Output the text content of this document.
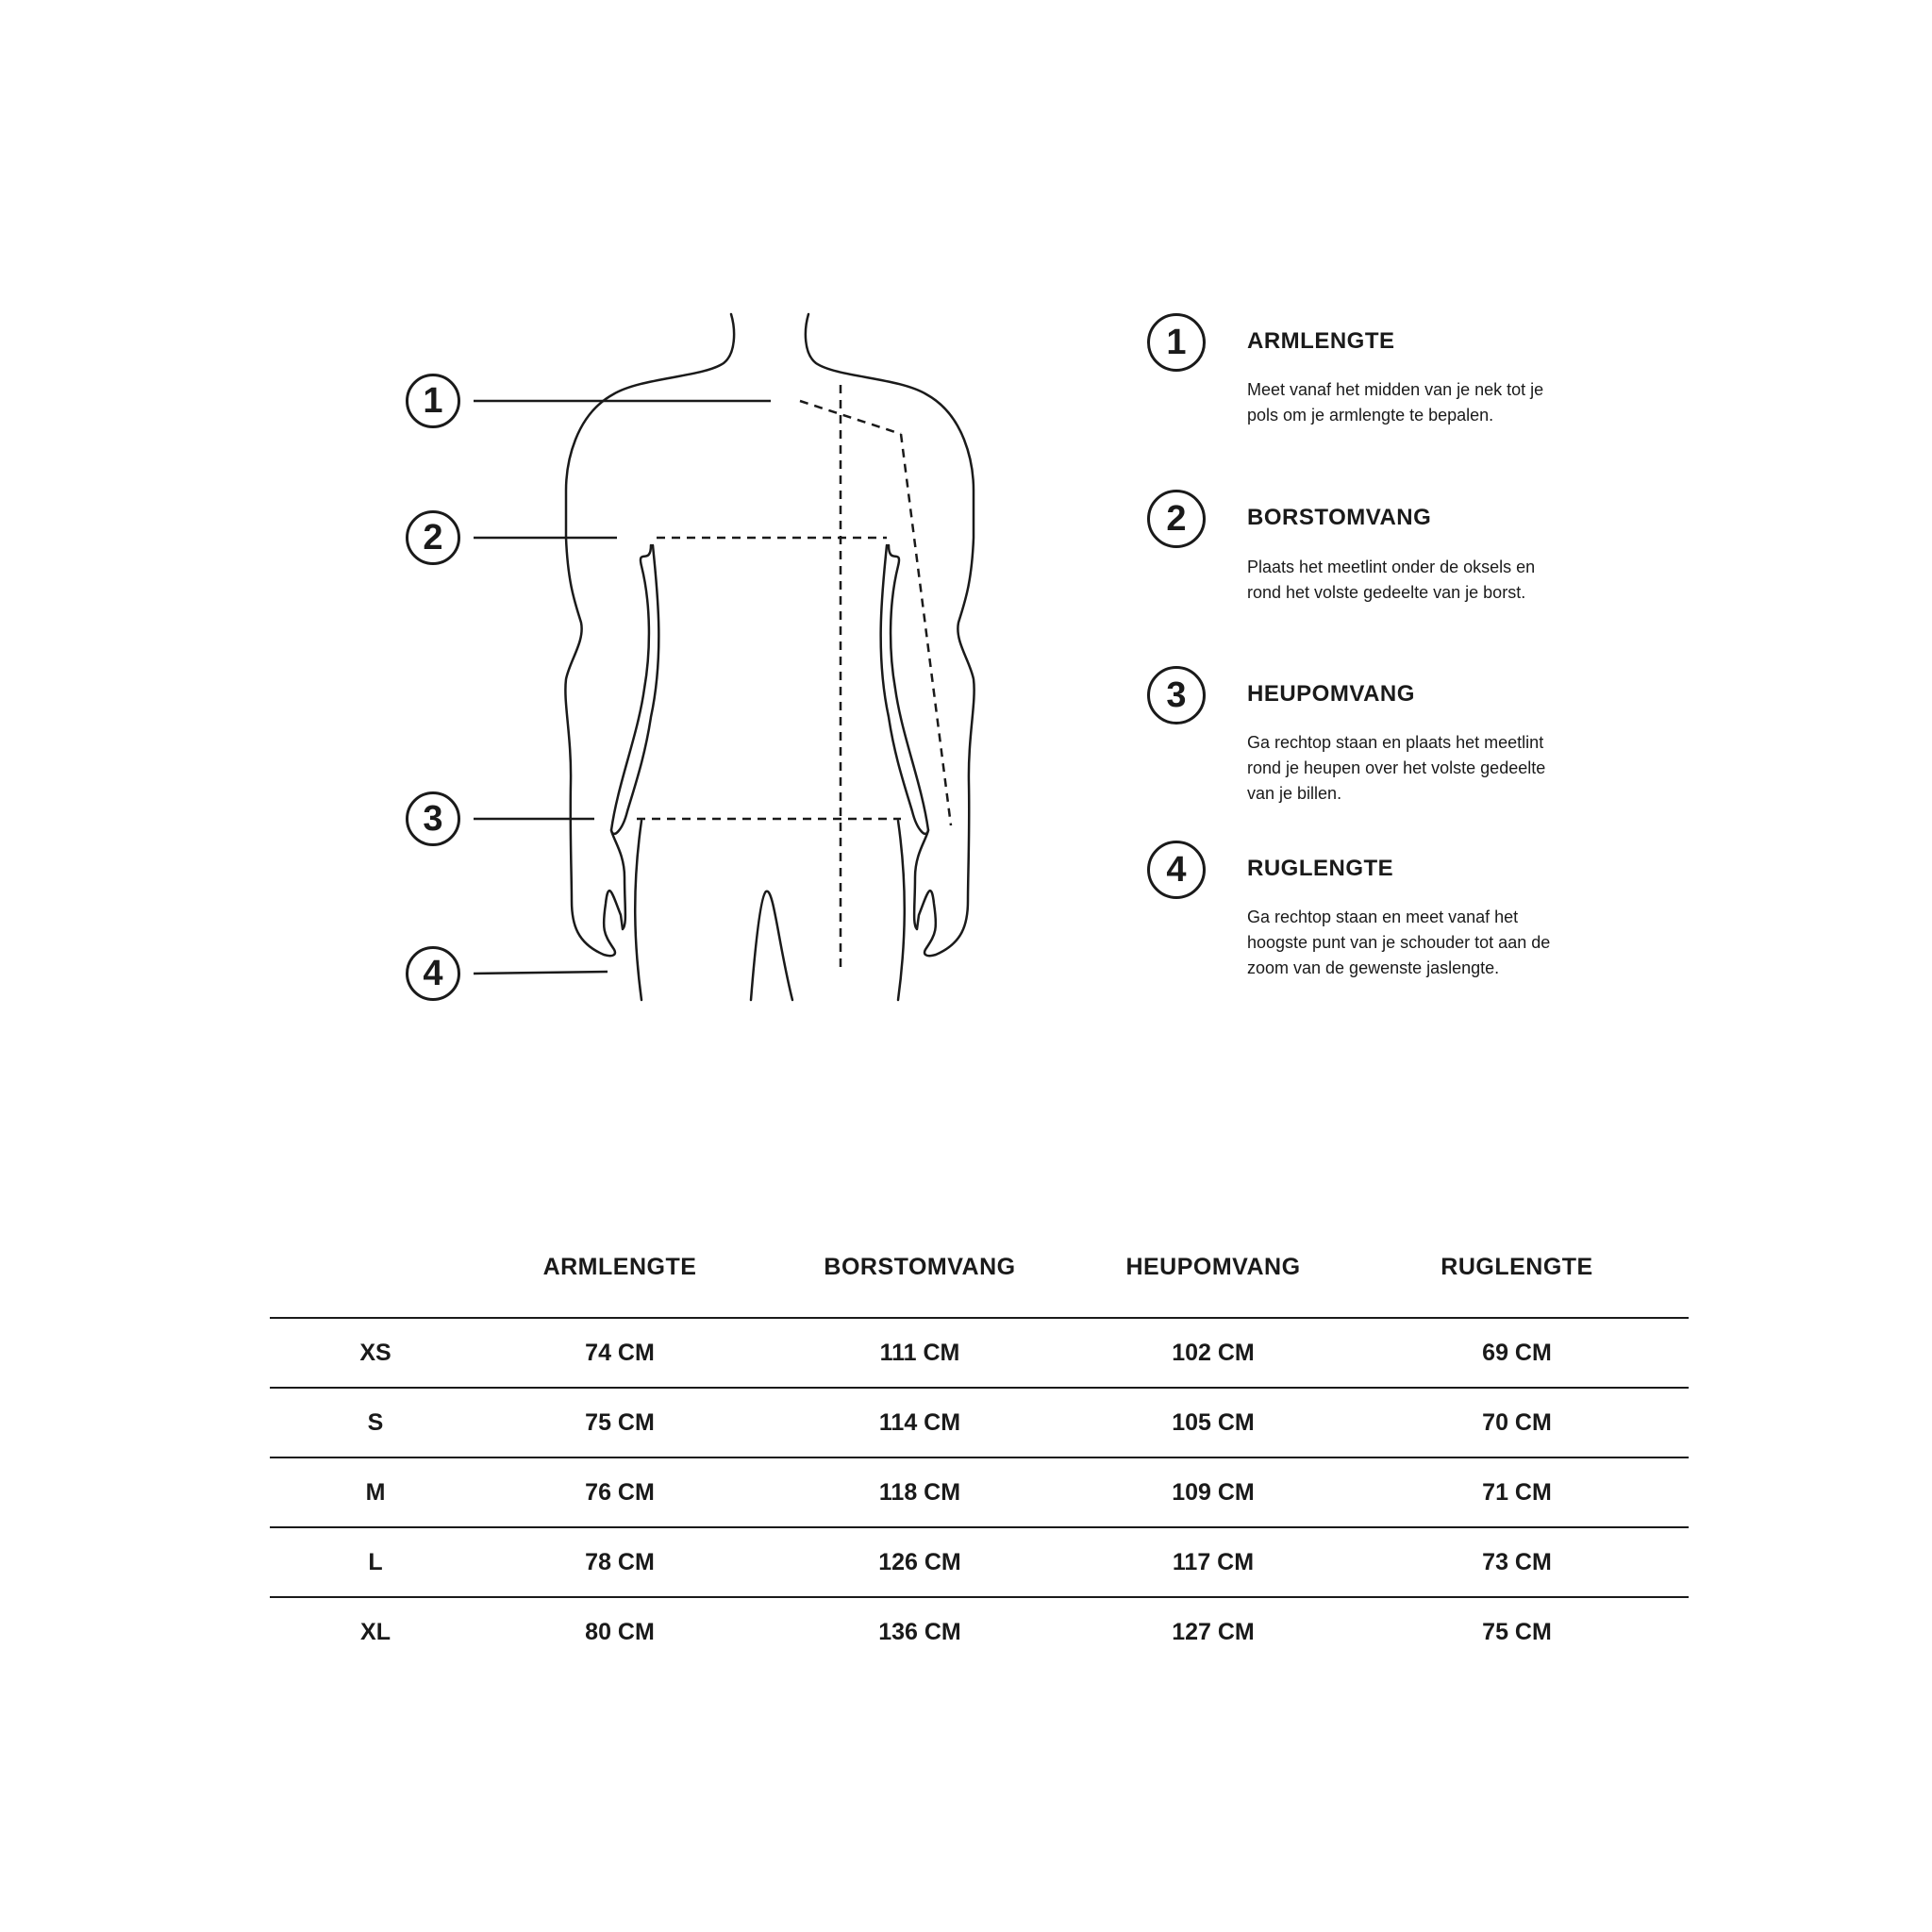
1
2
3
4
1	ARMLENGTE
Meet vanaf het midden van je nek tot je pols om je armlengte te bepalen.
2	BORSTOMVANG
Plaats het meetlint onder de oksels en rond het volste gedeelte van je borst.
3	HEUPOMVANG
Ga rechtop staan en plaats het meetlint rond je heupen over het volste gedeelte van je billen.
4	RUGLENGTE
Ga rechtop staan en meet vanaf het hoogste punt van je schouder tot aan de zoom van de gewenste jaslengte.
	ARMLENGTE	BORSTOMVANG	HEUPOMVANG	RUGLENGTE
XS	74 CM	111 CM	102 CM	69 CM
S	75 CM	114 CM	105 CM	70 CM
M	76 CM	118 CM	109 CM	71 CM
L	78 CM	126 CM	117 CM	73 CM
XL	80 CM	136 CM	127 CM	75 CM
